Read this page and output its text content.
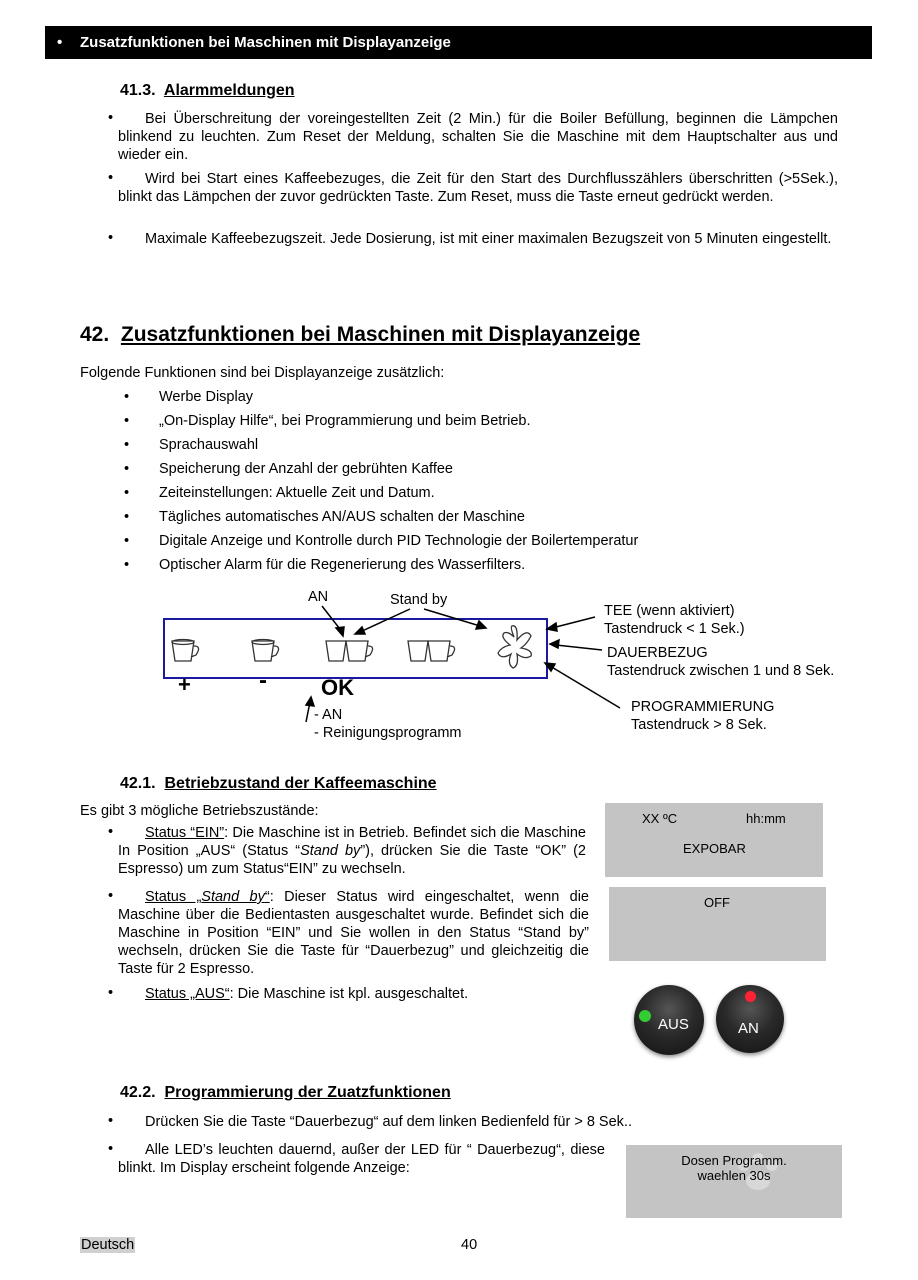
• Zusatzfunktionen bei Maschinen mit Displayanzeige
41.3. Alarmmeldungen
•	Bei Überschreitung der voreingestellten Zeit (2 Min.) für die Boiler Befüllung, beginnen die Lämpchen blinkend zu leuchten. Zum Reset der Meldung, schalten Sie die Maschine mit dem Hauptschalter aus und wieder ein.

•	Wird bei Start eines Kaffeebezuges, die Zeit für den Start des Durchflusszählers überschritten (>5Sek.), blinkt das Lämpchen der zuvor gedrückten Taste. Zum Reset, muss die Taste erneut gedrückt werden.

•	Maximale Kaffeebezugszeit. Jede Dosierung, ist mit einer maximalen Bezugszeit von 5 Minuten eingestellt.

42. Zusatzfunktionen bei Maschinen mit Displayanzeige

Folgende Funktionen sind bei Displayanzeige zusätzlich:

• Werbe Display
• „On-Display Hilfe“, bei Programmierung und beim Betrieb.
• Sprachauswahl
• Speicherung der Anzahl der gebrühten Kaffee
• Zeiteinstellungen: Aktuelle Zeit und Datum.
• Tägliches automatisches AN/AUS schalten der Maschine
• Digitale Anzeige und Kontrolle durch PID Technologie der Boilertemperatur
• Optischer Alarm für die Regenerierung des Wasserfilters.
AN	Stand by
TEE (wenn aktiviert)
Tastendruck < 1 Sek.)
DAUERBEZUG
Tastendruck zwischen 1 und 8 Sek.
PROGRAMMIERUNG
Tastendruck > 8 Sek.
+	- OK
- AN
- Reinigungsprogramm
42.1. Betriebzustand der Kaffeemaschine

Es gibt 3 mögliche Betriebszustände:

•	Status “EIN”: Die Maschine ist in Betrieb. Befindet sich die Maschine In Position „AUS“ (Status “Stand by”), drücken Sie die Taste “OK” (2 Espresso) um zum Status“EIN” zu wechseln.

•	Status „Stand by“: Dieser Status wird eingeschaltet, wenn die Maschine über die Bedientasten ausgeschaltet wurde. Befindet sich die Maschine in Position “EIN” und Sie wollen in den Status “Stand by” wechseln, drücken Sie die Taste für “Dauerbezug” und gleichzeitig die Taste für 2 Espresso.

•	Status „AUS“: Die Maschine ist kpl. ausgeschaltet.

XX ºC	hh:mm
EXPOBAR
OFF
AUS	AN
42.2. Programmierung der Zuatzfunktionen
•	Drücken Sie die Taste “Dauerbezug“ auf dem linken Bedienfeld für > 8 Sek..

•	Alle LED’s leuchten dauernd, außer der LED für “ Dauerbezug“, diese blinkt. Im Display erscheint folgende Anzeige:	Dosen Programm.
waehlen 30s
Deutsch	40
